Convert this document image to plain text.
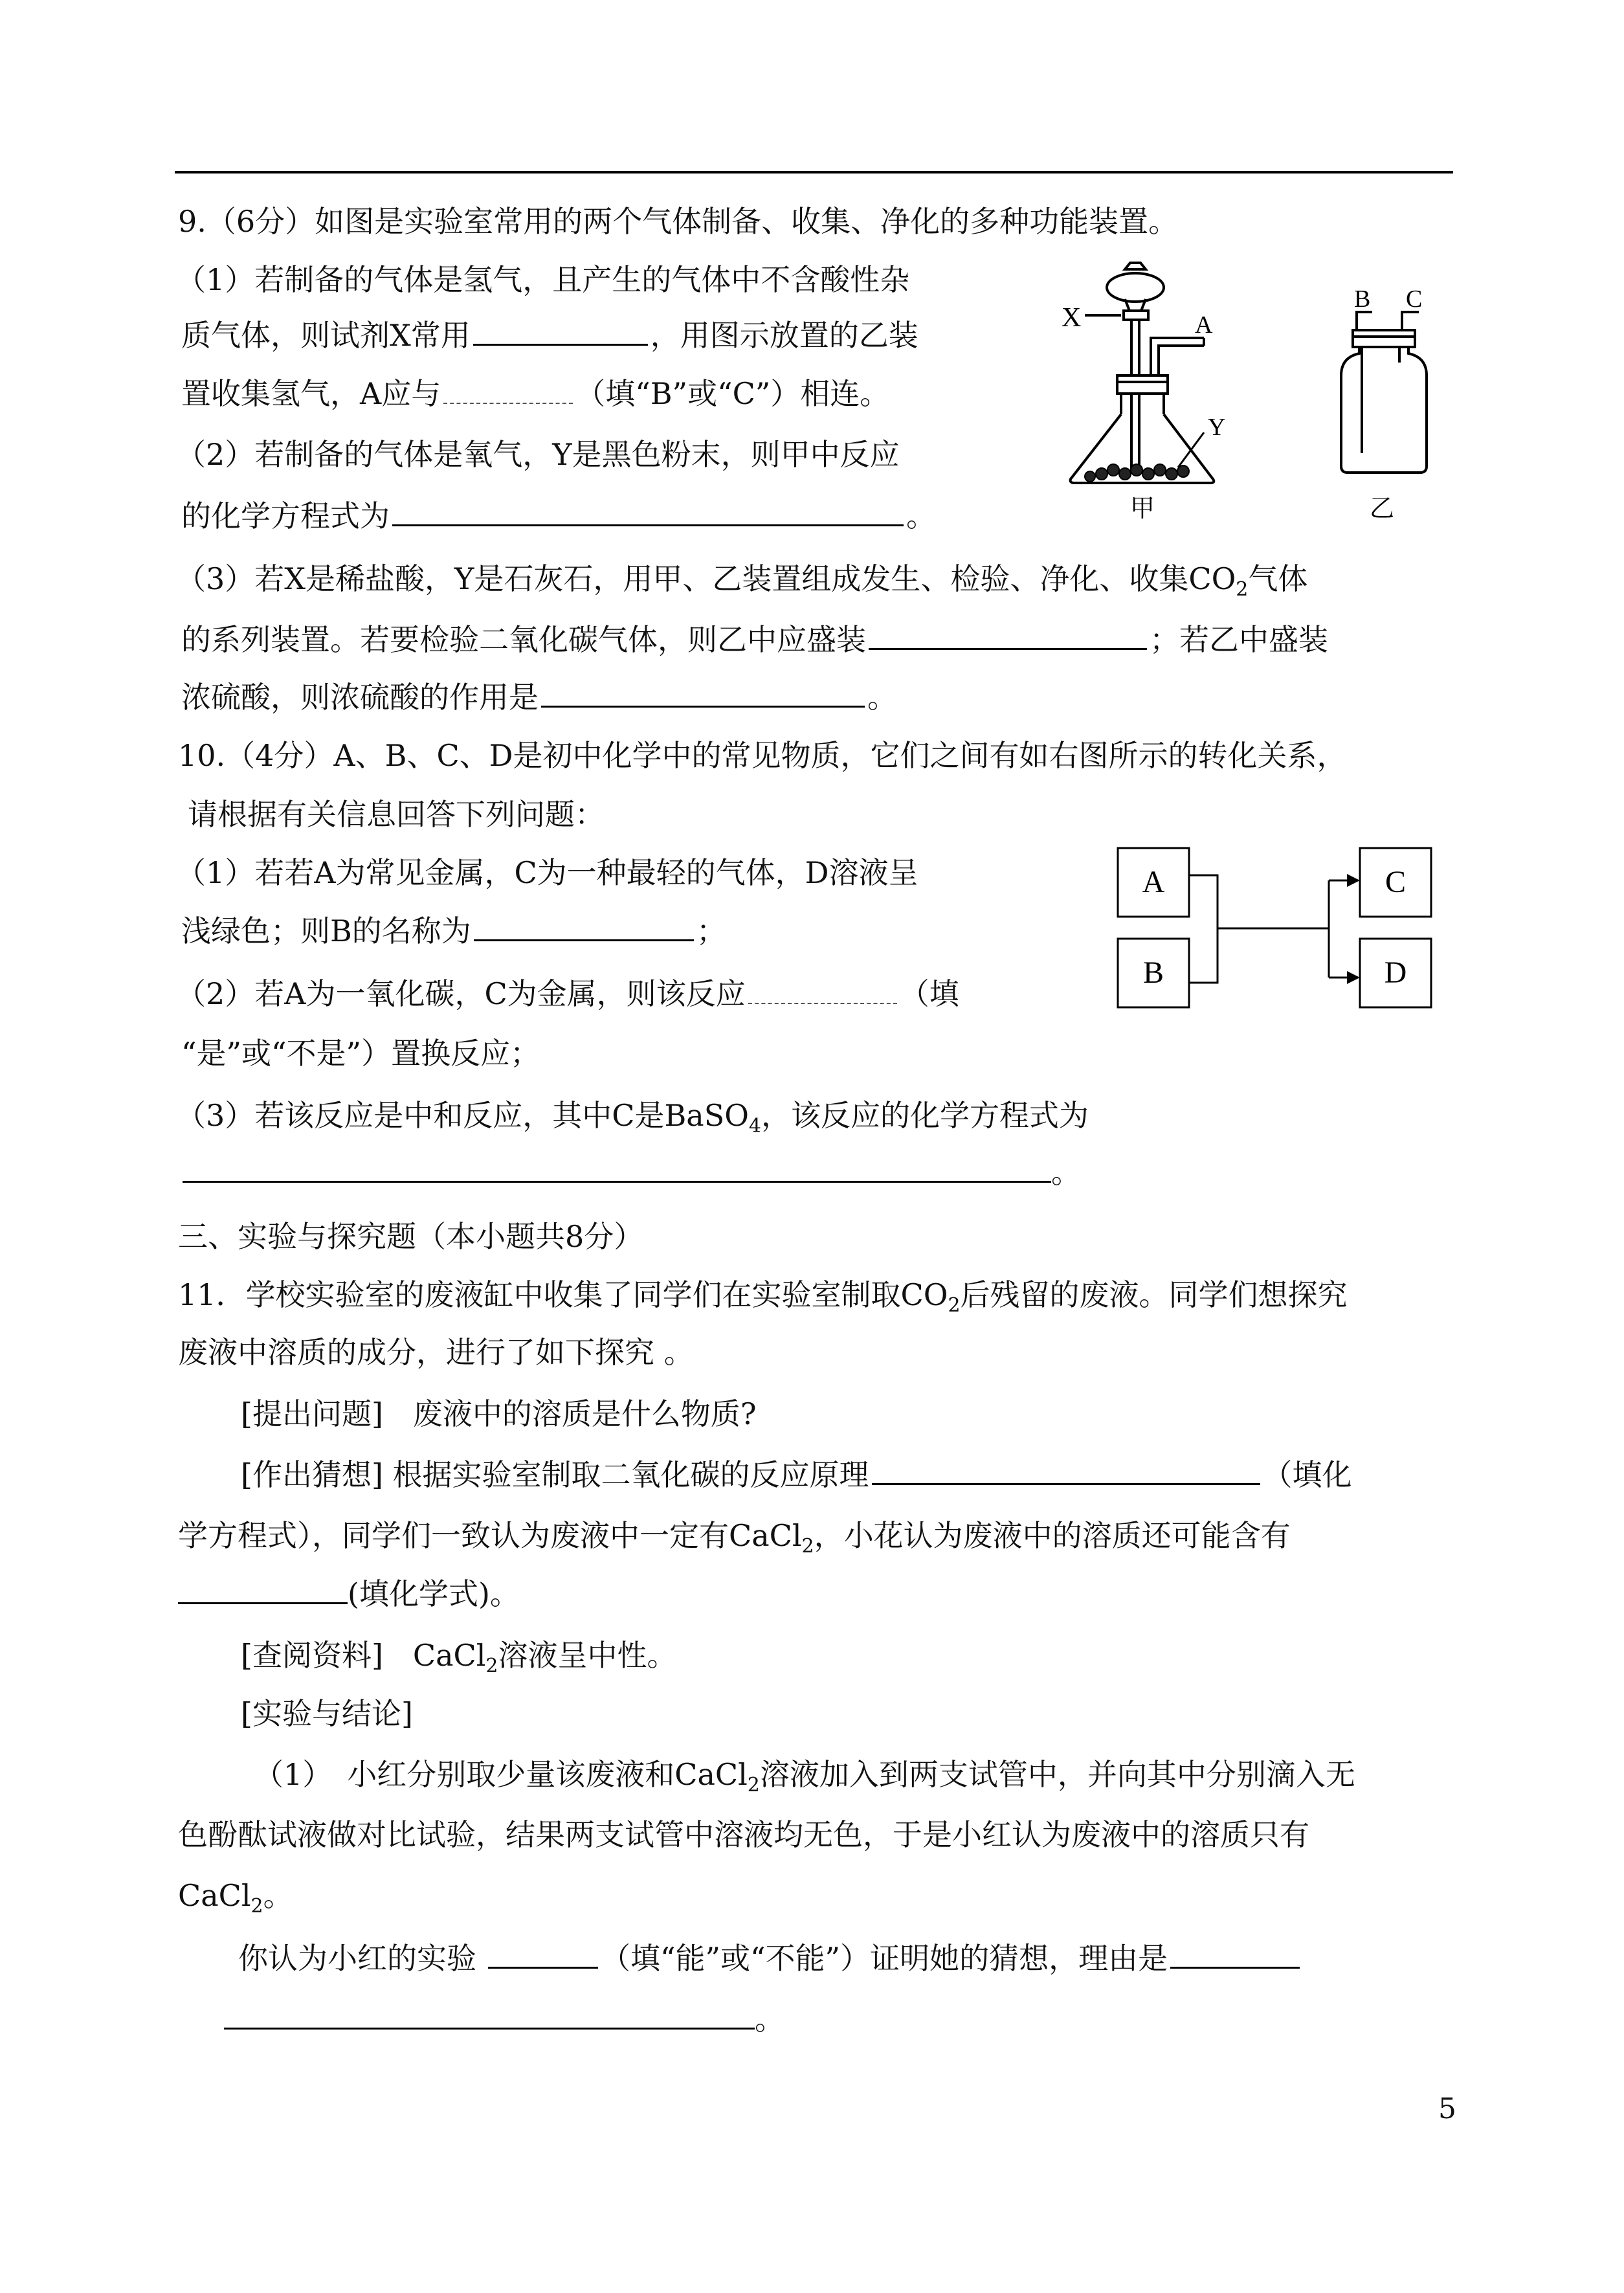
9.（6分）如图是实验室常用的两个气体制备、收集、净化的多种功能装置。
（1）若制备的气体是氢气，且产生的气体中不含酸性杂
质气体，则试剂X常用	，用图示放置的乙装
置收集氢气，A应与	（填“B”或“C”）相连。
（2）若制备的气体是氧气，Y是黑色粉末，则甲中反应
的化学方程式为	。
（3）若X是稀盐酸，Y是石灰石，用甲、乙装置组成发生、检验、净化、收集$CO_2$气体
的系列装置。若要检验二氧化碳气体，则乙中应盛装	；若乙中盛装
浓硫酸，则浓硫酸的作用是	。
X	A
Y
甲
B C
乙
10.（4分）A、B、C、D是初中化学中的常见物质，它们之间有如右图所示的转化关系，
请根据有关信息回答下列问题：
（1）若若A为常见金属，C为一种最轻的气体，D溶液呈
浅绿色；则B的名称为	；
（2）若A为一氧化碳，C为金属，则该反应	（填
“是”或“不是”）置换反应；
（3）若该反应是中和反应，其中C是BaSO$_4$，该反应的化学方程式为
。
A
B
C
D
三、实验与探究题（本小题共8分）
11．学校实验室的废液缸中收集了同学们在实验室制取$CO_2$后残留的废液。同学们想探究
废液中溶质的成分，进行了如下探究 。
[提出问题]　废液中的溶质是什么物质?
[作出猜想] 根据实验室制取二氧化碳的反应原理	（填化
学方程式），同学们一致认为废液中一定有CaCl$_2$，小花认为废液中的溶质还可能含有
(填化学式)。
[查阅资料]　CaCl$_2$溶液呈中性。
[实验与结论]
（1）　小红分别取少量该废液和CaCl$_2$溶液加入到两支试管中，并向其中分别滴入无
色酚酞试液做对比试验，结果两支试管中溶液均无色，于是小红认为废液中的溶质只有
CaCl$_2$。
你认为小红的实验	（填“能”或“不能”）证明她的猜想，理由是
。
5
